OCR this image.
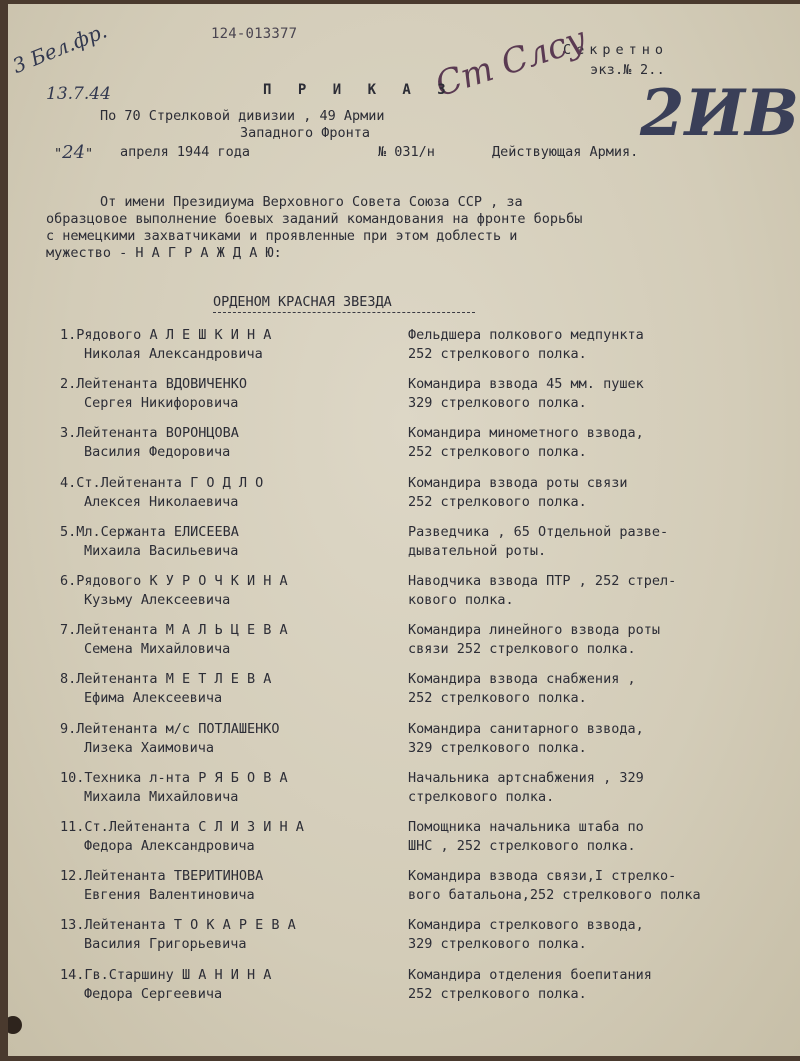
3 Бел.фр.
13.7.44
124-013377
Секретно
экз.№ 2..
Ст Слсу
2ИВ
П Р И К А З
По 70 Стрелковой дивизии , 49 Армии
Западного Фронта
"24" апреля 1944 года	№ 031/н	Действующая Армия.
От имени Президиума Верховного Совета Союза ССР , за
образцовое выполнение боевых заданий командования на фронте борьбы
с немецкими захватчиками и проявленные при этом доблесть и
мужество - Н А Г Р А Ж Д А Ю:
ОРДЕНОМ КРАСНАЯ ЗВЕЗДА
1.Рядового А Л Е Ш К И Н А
Николая Александровича
Фельдшера полкового медпункта
252 стрелкового полка.
2.Лейтенанта ВДОВИЧЕНКО
Сергея Никифоровича
Командира взвода 45 мм. пушек
329 стрелкового полка.
3.Лейтенанта ВОРОНЦОВА
Василия Федоровича
Командира минометного взвода,
252 стрелкового полка.
4.Ст.Лейтенанта Г О Д Л О
Алексея Николаевича
Командира взвода роты связи
252 стрелкового полка.
5.Мл.Сержанта ЕЛИСЕЕВА
Михаила Васильевича
Разведчика , 65 Отдельной разве-
дывательной роты.
6.Рядового К У Р О Ч К И Н А
Кузьму Алексеевича
Наводчика взвода ПТР , 252 стрел-
кового полка.
7.Лейтенанта М А Л Ь Ц Е В А
Семена Михайловича
Командира линейного взвода роты
связи 252 стрелкового полка.
8.Лейтенанта М Е Т Л Е В А
Ефима Алексеевича
Командира взвода снабжения ,
252 стрелкового полка.
9.Лейтенанта м/с ПОТЛАШЕНКО
Лизека Хаимовича
Командира санитарного взвода,
329 стрелкового полка.
10.Техника л-нта Р Я Б О В А
Михаила Михайловича
Начальника артснабжения , 329
стрелкового полка.
11.Ст.Лейтенанта С Л И З И Н А
Федора Александровича
Помощника начальника штаба по
ШНС , 252 стрелкового полка.
12.Лейтенанта ТВЕРИТИНОВА
Евгения Валентиновича
Командира взвода связи,I стрелко-
вого батальона,252 стрелкового полка
13.Лейтенанта Т О К А Р Е В А
Василия Григорьевича
Командира стрелкового взвода,
329 стрелкового полка.
14.Гв.Старшину Ш А Н И Н А
Федора Сергеевича
Командира отделения боепитания
252 стрелкового полка.
